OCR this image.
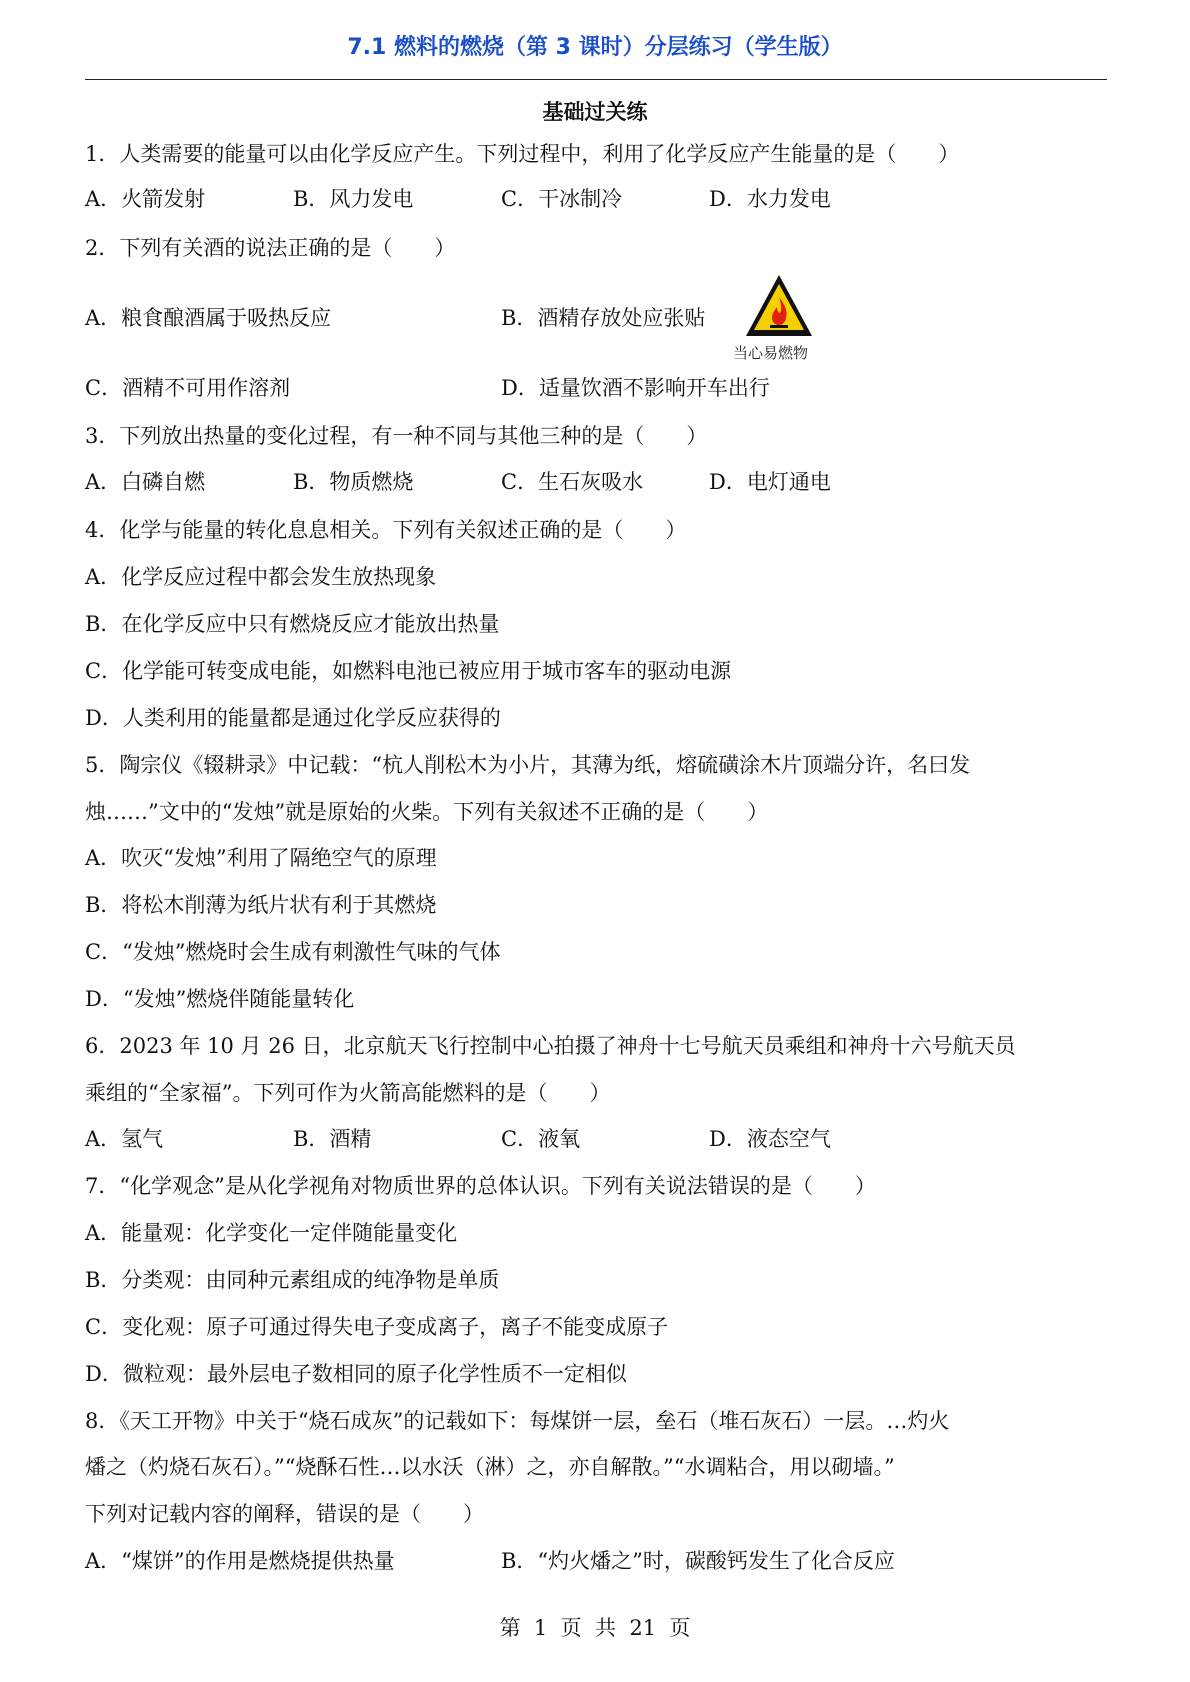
7.1 燃料的燃烧（第 3 课时）分层练习（学生版）
基础过关练
1．人类需要的能量可以由化学反应产生。下列过程中，利用了化学反应产生能量的是（　　）
A．火箭发射	B．风力发电	C．干冰制冷	D．水力发电
2．下列有关酒的说法正确的是（　　）
A．粮食酿酒属于吸热反应	B．酒精存放处应张贴
当心易燃物
C．酒精不可用作溶剂	D．适量饮酒不影响开车出行
3．下列放出热量的变化过程，有一种不同与其他三种的是（　　）
A．白磷自燃	B．物质燃烧	C．生石灰吸水	D．电灯通电
4．化学与能量的转化息息相关。下列有关叙述正确的是（　　）
A．化学反应过程中都会发生放热现象
B．在化学反应中只有燃烧反应才能放出热量
C．化学能可转变成电能，如燃料电池已被应用于城市客车的驱动电源
D．人类利用的能量都是通过化学反应获得的
5．陶宗仪《辍耕录》中记载：“杭人削松木为小片，其薄为纸，熔硫磺涂木片顶端分许，名曰发
烛……”文中的“发烛”就是原始的火柴。下列有关叙述不正确的是（　　）
A．吹灭“发烛”利用了隔绝空气的原理
B．将松木削薄为纸片状有利于其燃烧
C．“发烛”燃烧时会生成有刺激性气味的气体
D．“发烛”燃烧伴随能量转化
6．2023 年 10 月 26 日，北京航天飞行控制中心拍摄了神舟十七号航天员乘组和神舟十六号航天员
乘组的“全家福”。下列可作为火箭高能燃料的是（　　）
A．氢气	B．酒精	C．液氧	D．液态空气
7．“化学观念”是从化学视角对物质世界的总体认识。下列有关说法错误的是（　　）
A．能量观：化学变化一定伴随能量变化
B．分类观：由同种元素组成的纯净物是单质
C．变化观：原子可通过得失电子变成离子，离子不能变成原子
D．微粒观：最外层电子数相同的原子化学性质不一定相似
8．《天工开物》中关于“烧石成灰”的记载如下：每煤饼一层，垒石（堆石灰石）一层。…灼火
燔之（灼烧石灰石）。”“烧酥石性…以水沃（淋）之，亦自解散。”“水调粘合，用以砌墙。”
下列对记载内容的阐释，错误的是（　　）
A．“煤饼”的作用是燃烧提供热量	B．“灼火燔之”时，碳酸钙发生了化合反应
第  1  页  共  21  页
